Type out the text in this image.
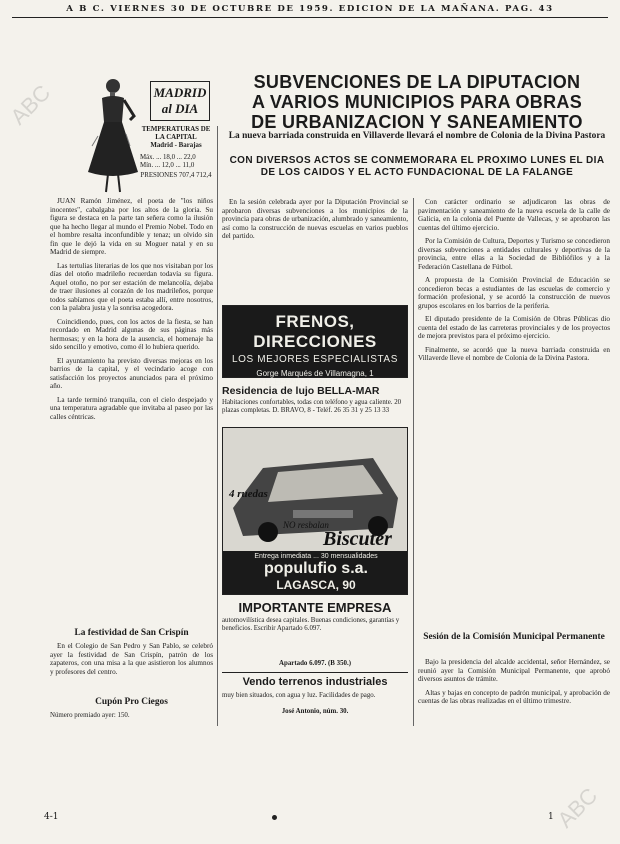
A B C. VIERNES 30 DE OCTUBRE DE 1959. EDICION DE LA MAÑANA. PAG. 43
ABC
ABC
MADRID
al DIA
TEMPERATURAS DE LA CAPITAL
Madrid - Barajas
Máx. ... 18,0 ... 22,0
Mín. ... 12,0 ... 11,0
PRESIONES 707,4 712,4

JUAN Ramón Jiménez, el poeta de "los niños inocentes", cabalgaba por los altos de la gloria. Su figura se destaca en la parte tan señera como la ilusión que ha hecho llegar al mundo el Premio Nobel. Todo en el hombre resalta inconfundible y tenaz; un olvido sin fin que le dejó la vida en su Moguer natal y en su Madrid de siempre.

Las tertulias literarias de los que nos visitaban por los días del otoño madrileño recuerdan todavía su figura. Aquel otoño, no por ser estación de melancolía, dejaba de traer ilusiones al corazón de los madrileños, porque todos sabíamos que el poeta estaba allí, entre nosotros, con la palabra justa y la sonrisa acogedora.

Coincidiendo, pues, con los actos de la fiesta, se han recordado en Madrid algunas de sus páginas más hermosas; y en la hora de la ausencia, el homenaje ha sido sencillo y emotivo, como él lo hubiera querido.

El ayuntamiento ha previsto diversas mejoras en los barrios de la capital, y el vecindario acoge con satisfacción los proyectos anunciados para el próximo año.

La tarde terminó tranquila, con el cielo despejado y una temperatura agradable que invitaba al paseo por las calles céntricas.

La festividad de San Crispín

En el Colegio de San Pedro y San Pablo, se celebró ayer la festividad de San Crispín, patrón de los zapateros, con una misa a la que asistieron los alumnos y profesores del centro.

Cupón Pro Ciegos
Número premiado ayer: 150.
SUBVENCIONES DE LA DIPUTACION
A VARIOS MUNICIPIOS PARA OBRAS
DE URBANIZACION Y SANEAMIENTO
La nueva barriada construida en Villaverde llevará el nombre de Colonia de la Divina Pastora
CON DIVERSOS ACTOS SE CONMEMORARA EL PROXIMO LUNES EL DIA DE LOS CAIDOS Y EL ACTO FUNDACIONAL DE LA FALANGE

En la sesión celebrada ayer por la Diputación Provincial se aprobaron diversas subvenciones a los municipios de la provincia para obras de urbanización, alumbrado y saneamiento, así como la construcción de nuevas escuelas en varios pueblos del partido.

FRENOS, DIRECCIONES
LOS MEJORES ESPECIALISTAS
Gorge Marqués de Villamagna, 1
TELEFONO 357807 - MADRID
Residencia de lujo BELLA-MAR
Habitaciones confortables, todas con teléfono y agua caliente. 20 plazas completas. D. BRAVO, 8 - Teléf. 26 35 31 y 25 13 33
4 ruedas
NO resbalan
Biscuter
Entrega inmediata ... 30 mensualidades
populufio s.a.
LAGASCA, 90
IMPORTANTE EMPRESA
automovilística desea capitales. Buenas condiciones, garantías y beneficios. Escribir Apartado 6.097.
Apartado 6.097. (B 350.)
Vendo terrenos industriales
muy bien situados, con agua y luz. Facilidades de pago.
José Antonio, núm. 30.

Con carácter ordinario se adjudicaron las obras de pavimentación y saneamiento de la nueva escuela de la calle de Galicia, en la colonia del Puente de Vallecas, y se aprobaron las cuentas del último ejercicio.

Por la Comisión de Cultura, Deportes y Turismo se concedieron diversas subvenciones a entidades culturales y deportivas de la provincia, entre ellas a la Sociedad de Bibliófilos y a la Federación Castellana de Fútbol.

A propuesta de la Comisión Provincial de Educación se concedieron becas a estudiantes de las escuelas de comercio y formación profesional, y se acordó la construcción de nuevos grupos escolares en los barrios de la periferia.

El diputado presidente de la Comisión de Obras Públicas dio cuenta del estado de las carreteras provinciales y de los proyectos de mejora previstos para el próximo ejercicio.

Finalmente, se acordó que la nueva barriada construida en Villaverde lleve el nombre de Colonia de la Divina Pastora.

Sesión de la Comisión Municipal Permanente

Bajo la presidencia del alcalde accidental, señor Hernández, se reunió ayer la Comisión Municipal Permanente, que aprobó diversos asuntos de trámite.

Altas y bajas en concepto de padrón municipal, y aprobación de cuentas de las obras realizadas en el último trimestre.

4-1	1
